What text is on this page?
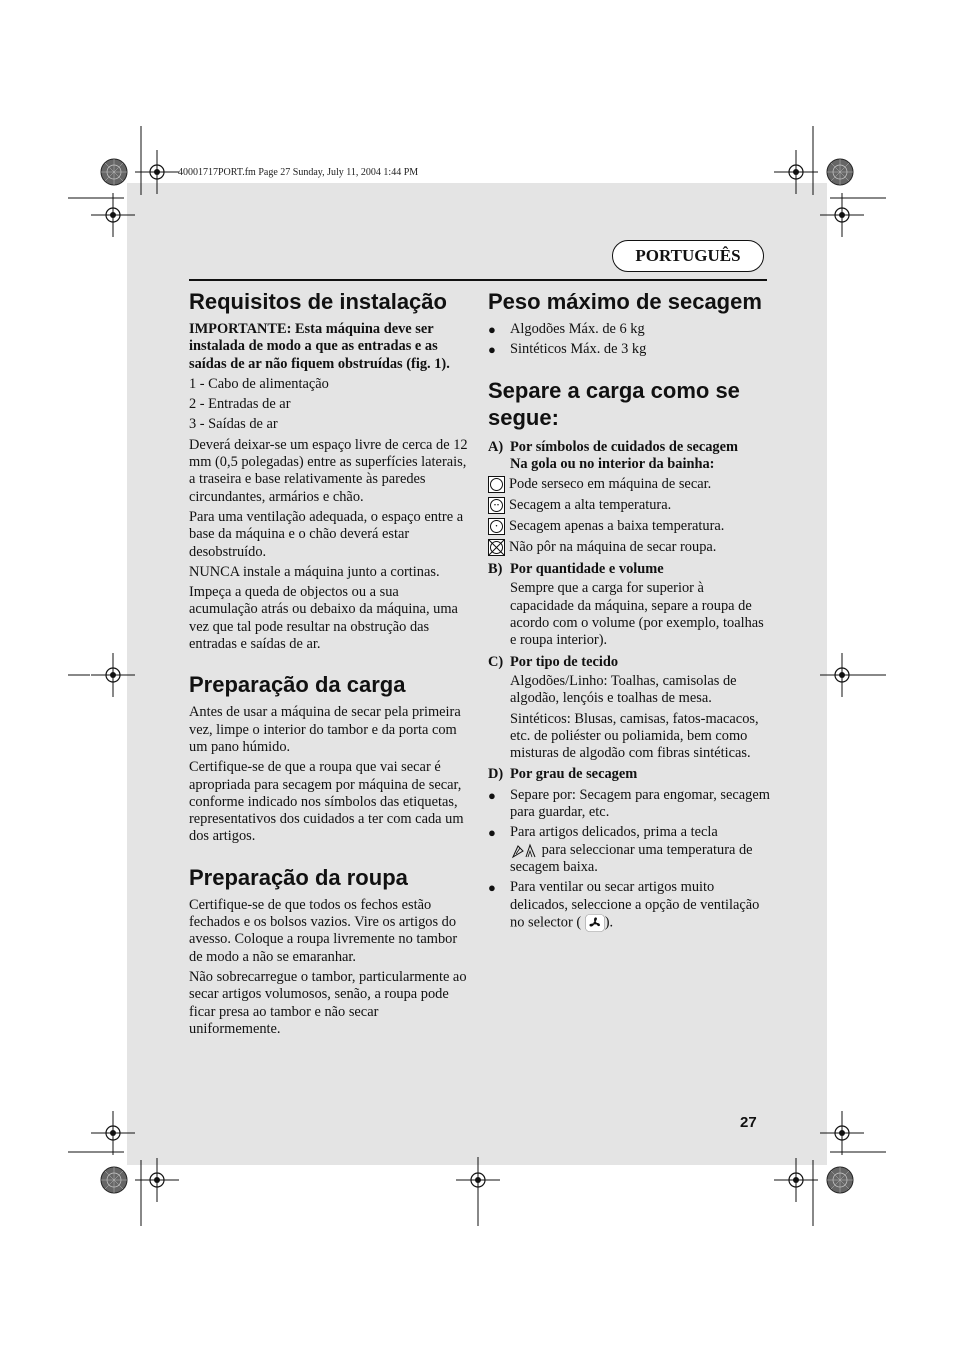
40001717PORT.fm Page 27 Sunday, July 11, 2004 1:44 PM
PORTUGUÊS
Requisitos de instalação

IMPORTANTE: Esta máquina deve ser instalada de modo a que as entradas e as saídas de ar não fiquem obstruídas (fig. 1).

1 - Cabo de alimentação

2 - Entradas de ar

3 - Saídas de ar

Deverá deixar-se um espaço livre de cerca de 12 mm (0,5 polegadas) entre as superfícies laterais, a traseira e base relativamente às paredes circundantes, armários e chão.

Para uma ventilação adequada, o espaço entre a base da máquina e o chão deverá estar desobstruído.

NUNCA instale a máquina junto a cortinas.

Impeça a queda de objectos ou a sua acumulação atrás ou debaixo da máquina, uma vez que tal pode resultar na obstrução das entradas e saídas de ar.

Preparação da carga

Antes de usar a máquina de secar pela primeira vez, limpe o interior do tambor e da porta com um pano húmido.

Certifique-se de que a roupa que vai secar é apropriada para secagem por máquina de secar, conforme indicado nos símbolos das etiquetas, representativos dos cuidados a ter com cada um dos artigos.

Preparação da roupa

Certifique-se de que todos os fechos estão fechados e os bolsos vazios. Vire os artigos do avesso. Coloque a roupa livremente no tambor de modo a não se emaranhar.

Não sobrecarregue o tambor, particularmente ao secar artigos volumosos, senão, a roupa pode ficar presa ao tambor e não secar uniformemente.

Peso máximo de secagem
● Algodões Máx. de 6 kg

● Sintéticos Máx. de 3 kg

Separe a carga como se segue:
A) Por símbolos de cuidados de secagem

Na gola ou no interior da bainha:

Pode serseco em máquina de secar.

·· Secagem a alta temperatura.

· Secagem apenas a baixa temperatura.

Não pôr na máquina de secar roupa.

B) Por quantidade e volume

Sempre que a carga for superior à capacidade da máquina, separe a roupa de acordo com o volume (por exemplo, toalhas e roupa interior).

C) Por tipo de tecido

Algodões/Linho: Toalhas, camisolas de algodão, lençóis e toalhas de mesa.

Sintéticos: Blusas, camisas, fatos-macacos, etc. de poliéster ou poliamida, bem como misturas de algodão com fibras sintéticas.

D) Por grau de secagem

● Separe por: Secagem para engomar, secagem para guardar, etc.

● Para artigos delicados, prima a tecla
para seleccionar uma temperatura de secagem baixa.

● Para ventilar ou secar artigos muito delicados, seleccione a opção de ventilação no selector ( ).

27
